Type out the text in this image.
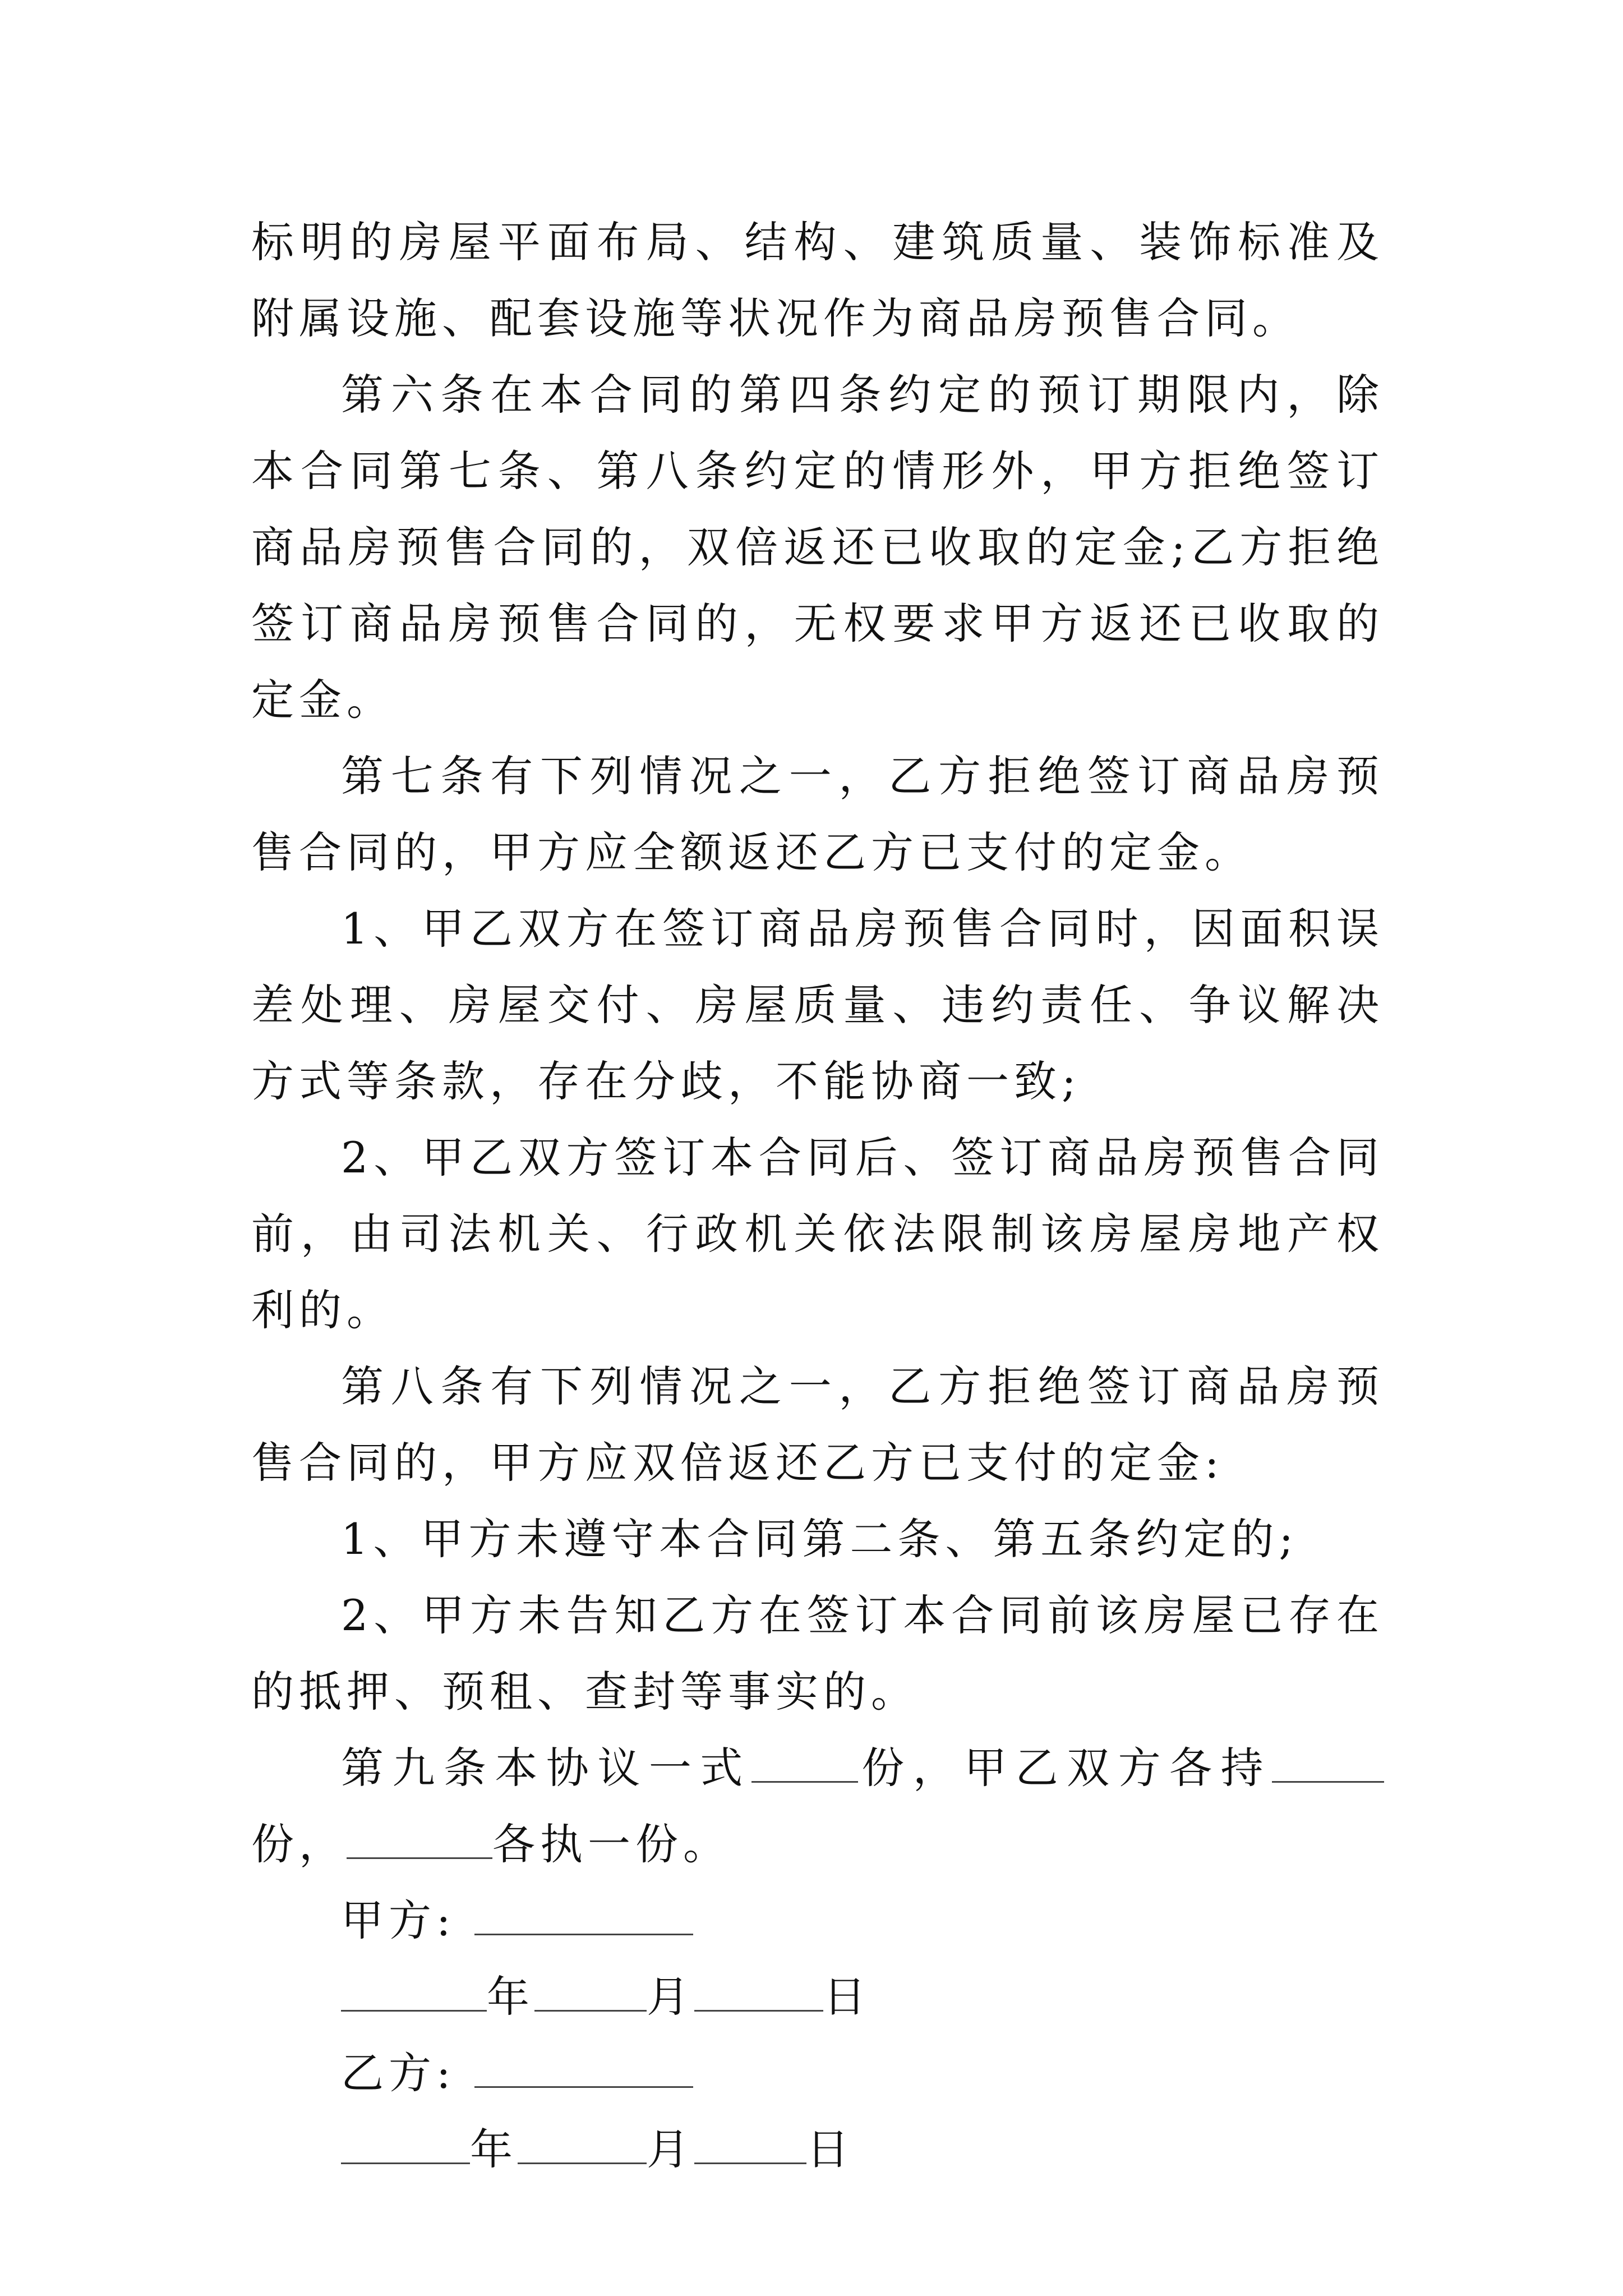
标明的房屋平面布局、结构、建筑质量、装饰标准及附属设施、配套设施等状况作为商品房预售合同。

第六条在本合同的第四条约定的预订期限内，除本合同第七条、第八条约定的情形外，甲方拒绝签订商品房预售合同的，双倍返还已收取的定金;乙方拒绝签订商品房预售合同的，无权要求甲方返还已收取的定金。

第七条有下列情况之一，乙方拒绝签订商品房预售合同的，甲方应全额返还乙方已支付的定金。

1、甲乙双方在签订商品房预售合同时，因面积误差处理、房屋交付、房屋质量、违约责任、争议解决方式等条款，存在分歧，不能协商一致;

2、甲乙双方签订本合同后、签订商品房预售合同前，由司法机关、行政机关依法限制该房屋房地产权利的。

第八条有下列情况之一，乙方拒绝签订商品房预售合同的，甲方应双倍返还乙方已支付的定金:

1、甲方未遵守本合同第二条、第五条约定的;

2、甲方未告知乙方在签订本合同前该房屋已存在的抵押、预租、查封等事实的。

第九条本协议一式	份，甲乙双方各持份，	各执一份。

甲方:

年	月	日

乙方:

年	月	日
